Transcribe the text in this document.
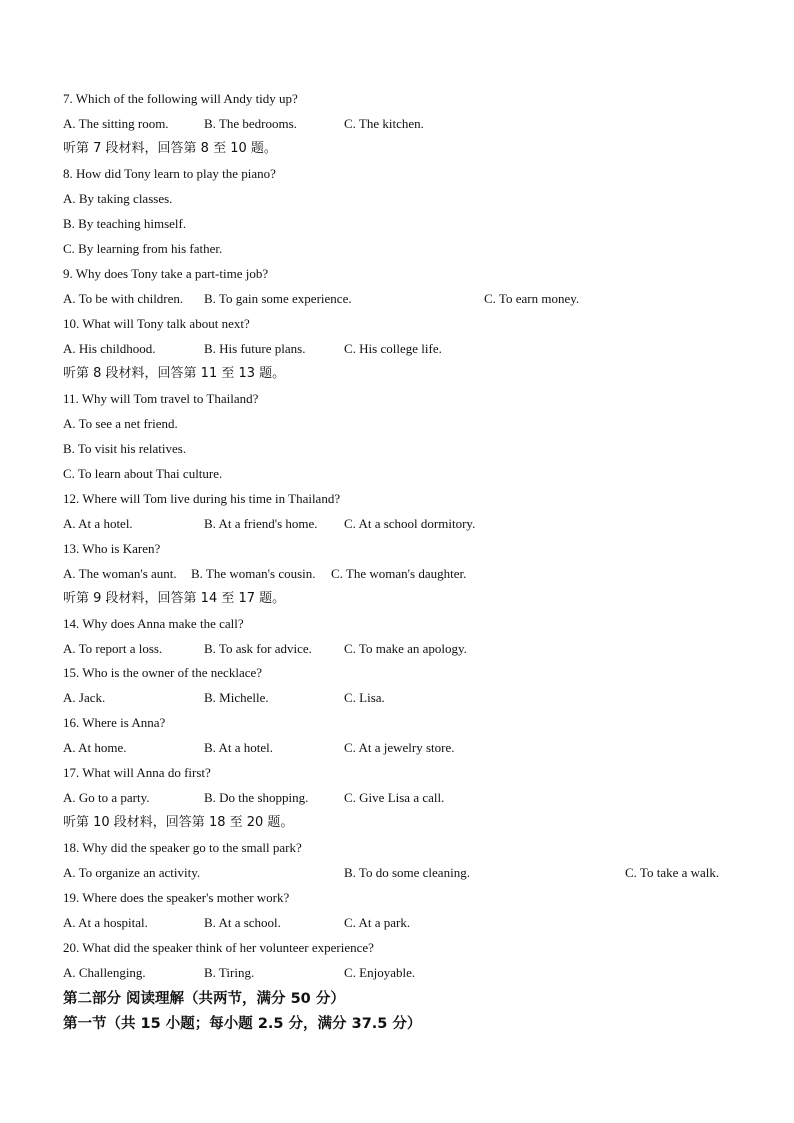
7. Which of the following will Andy tidy up?
A. The sitting room.	B. The bedrooms.	C. The kitchen.
听第 7 段材料，回答第 8 至 10 题。
8. How did Tony learn to play the piano?
A. By taking classes.
B. By teaching himself.
C. By learning from his father.
9. Why does Tony take a part-time job?
A. To be with children. B. To gain some experience.	C. To earn money.
10. What will Tony talk about next?
A. His childhood.	B. His future plans.	C. His college life.
听第 8 段材料，回答第 11 至 13 题。
11. Why will Tom travel to Thailand?
A. To see a net friend.
B. To visit his relatives.
C. To learn about Thai culture.
12. Where will Tom live during his time in Thailand?
A. At a hotel.	B. At a friend's home. C. At a school dormitory.
13. Who is Karen?
A. The woman's aunt. B. The woman's cousin. C. The woman's daughter.
听第 9 段材料，回答第 14 至 17 题。
14. Why does Anna make the call?
A. To report a loss.	B. To ask for advice. C. To make an apology.
15. Who is the owner of the necklace?
A. Jack.	B. Michelle.	C. Lisa.
16. Where is Anna?
A. At home.	B. At a hotel.	C. At a jewelry store.
17. What will Anna do first?
A. Go to a party.	B. Do the shopping.	C. Give Lisa a call.
听第 10 段材料，回答第 18 至 20 题。
18. Why did the speaker go to the small park?
A. To organize an activity.	B. To do some cleaning.	C. To take a walk.
19. Where does the speaker's mother work?
A. At a hospital.	B. At a school.	C. At a park.
20. What did the speaker think of her volunteer experience?
A. Challenging.	B. Tiring.	C. Enjoyable.
第二部分 阅读理解（共两节，满分 50 分）
第一节（共 15 小题；每小题 2.5 分，满分 37.5 分）
